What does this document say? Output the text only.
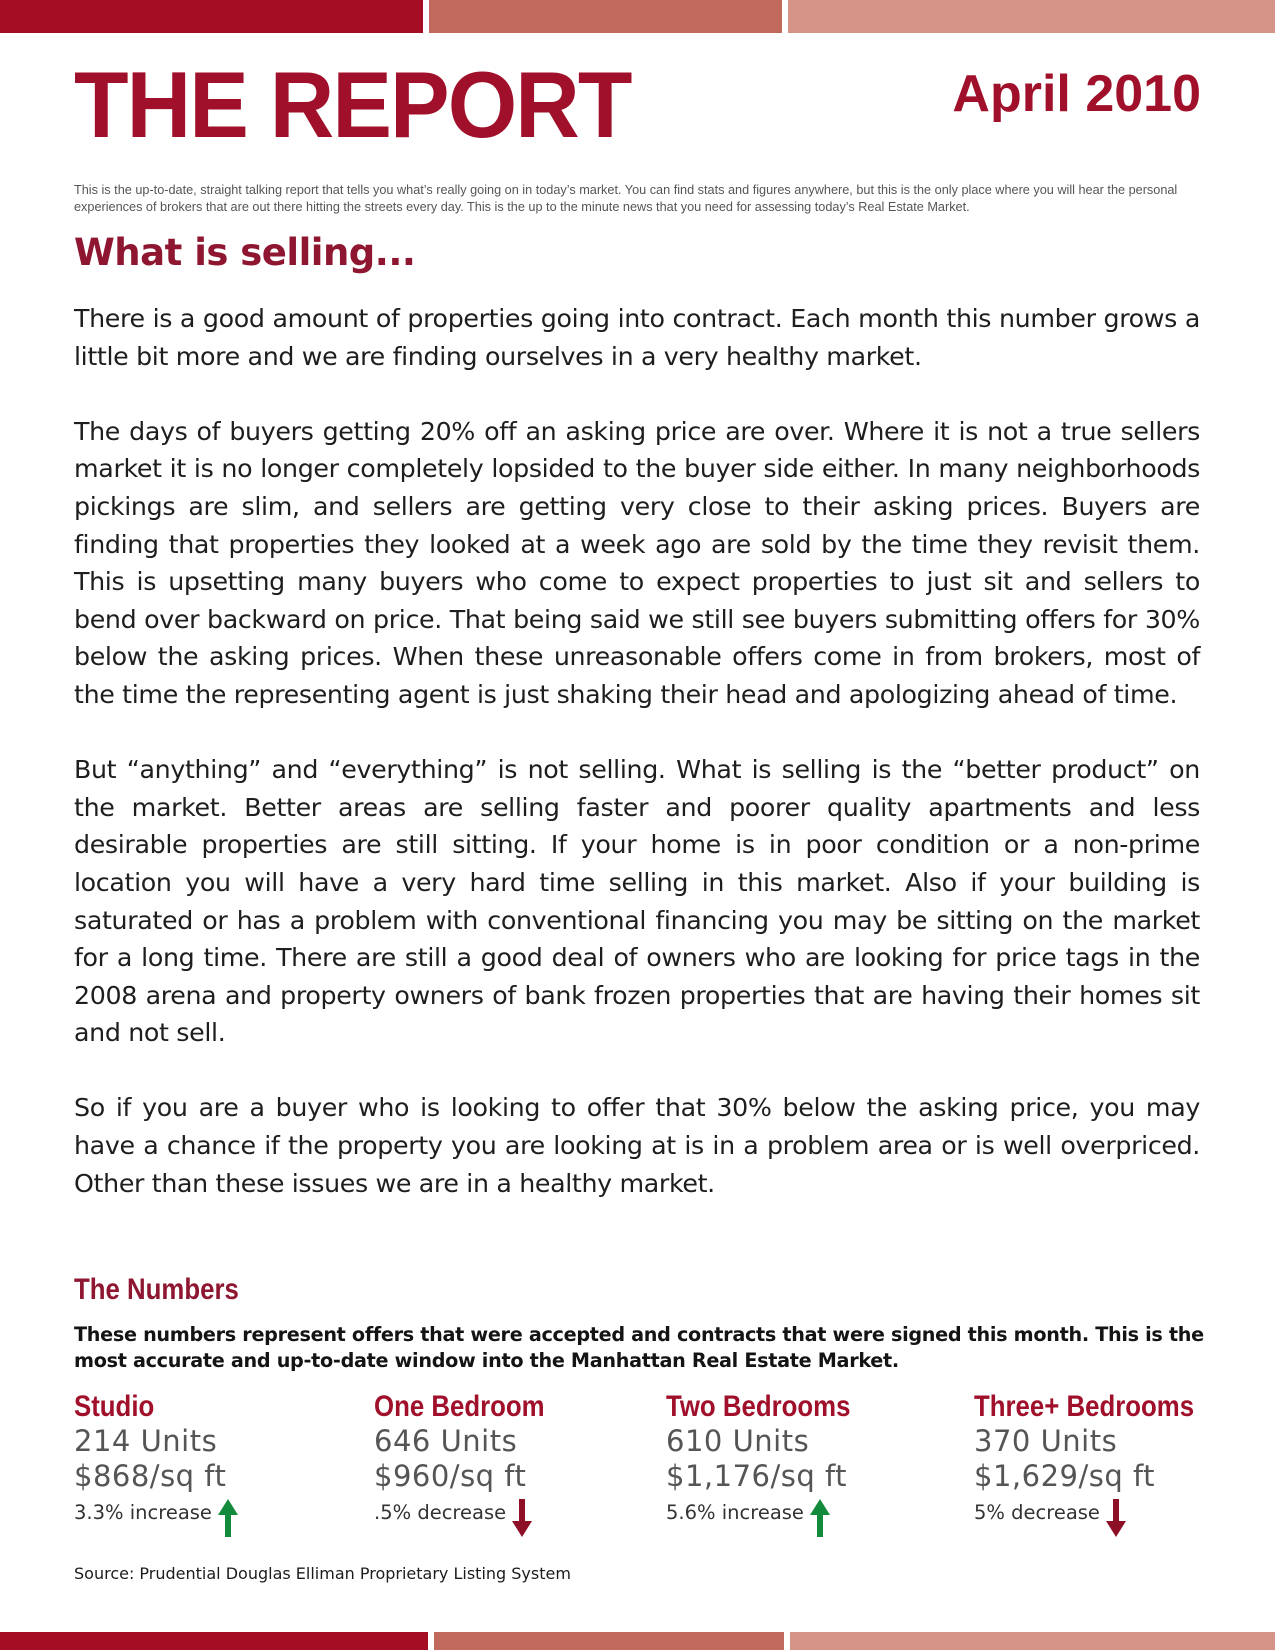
THE REPORT	April 2010

This is the up-to-date, straight talking report that tells you what’s really going on in today’s market. You can find stats and figures anywhere, but this is the only place where you will hear the personal experiences of brokers that are out there hitting the streets every day. This is the up to the minute news that you need for assessing today’s Real Estate Market.

What is selling...

There is a good amount of properties going into contract. Each month this number grows a little bit more and we are finding ourselves in a very healthy market.

The days of buyers getting 20% off an asking price are over. Where it is not a true sellers market it is no longer completely lopsided to the buyer side either. In many neighborhoods pickings are slim, and sellers are getting very close to their asking prices. Buyers are finding that properties they looked at a week ago are sold by the time they revisit them. This is upsetting many buyers who come to expect properties to just sit and sellers to bend over backward on price. That being said we still see buyers submitting offers for 30% below the asking prices. When these unreasonable offers come in from brokers, most of the time the representing agent is just shaking their head and apologizing ahead of time.

But “anything” and “everything” is not selling. What is selling is the “better product” on the market. Better areas are selling faster and poorer quality apartments and less desirable properties are still sitting. If your home is in poor condition or a non-prime location you will have a very hard time selling in this market. Also if your building is saturated or has a problem with conventional financing you may be sitting on the market for a long time. There are still a good deal of owners who are looking for price tags in the 2008 arena and property owners of bank frozen properties that are having their homes sit and not sell.

So if you are a buyer who is looking to offer that 30% below the asking price, you may have a chance if the property you are looking at is in a problem area or is well overpriced. Other than these issues we are in a healthy market.

The Numbers

These numbers represent offers that were accepted and contracts that were signed this month. This is the most accurate and up-to-date window into the Manhattan Real Estate Market.

Studio
214 Units
$868/sq ft
3.3% increase
One Bedroom
646 Units
$960/sq ft
.5% decrease
Two Bedrooms
610 Units
$1,176/sq ft
5.6% increase
Three+ Bedrooms
370 Units
$1,629/sq ft
5% decrease

Source: Prudential Douglas Elliman Proprietary Listing System
